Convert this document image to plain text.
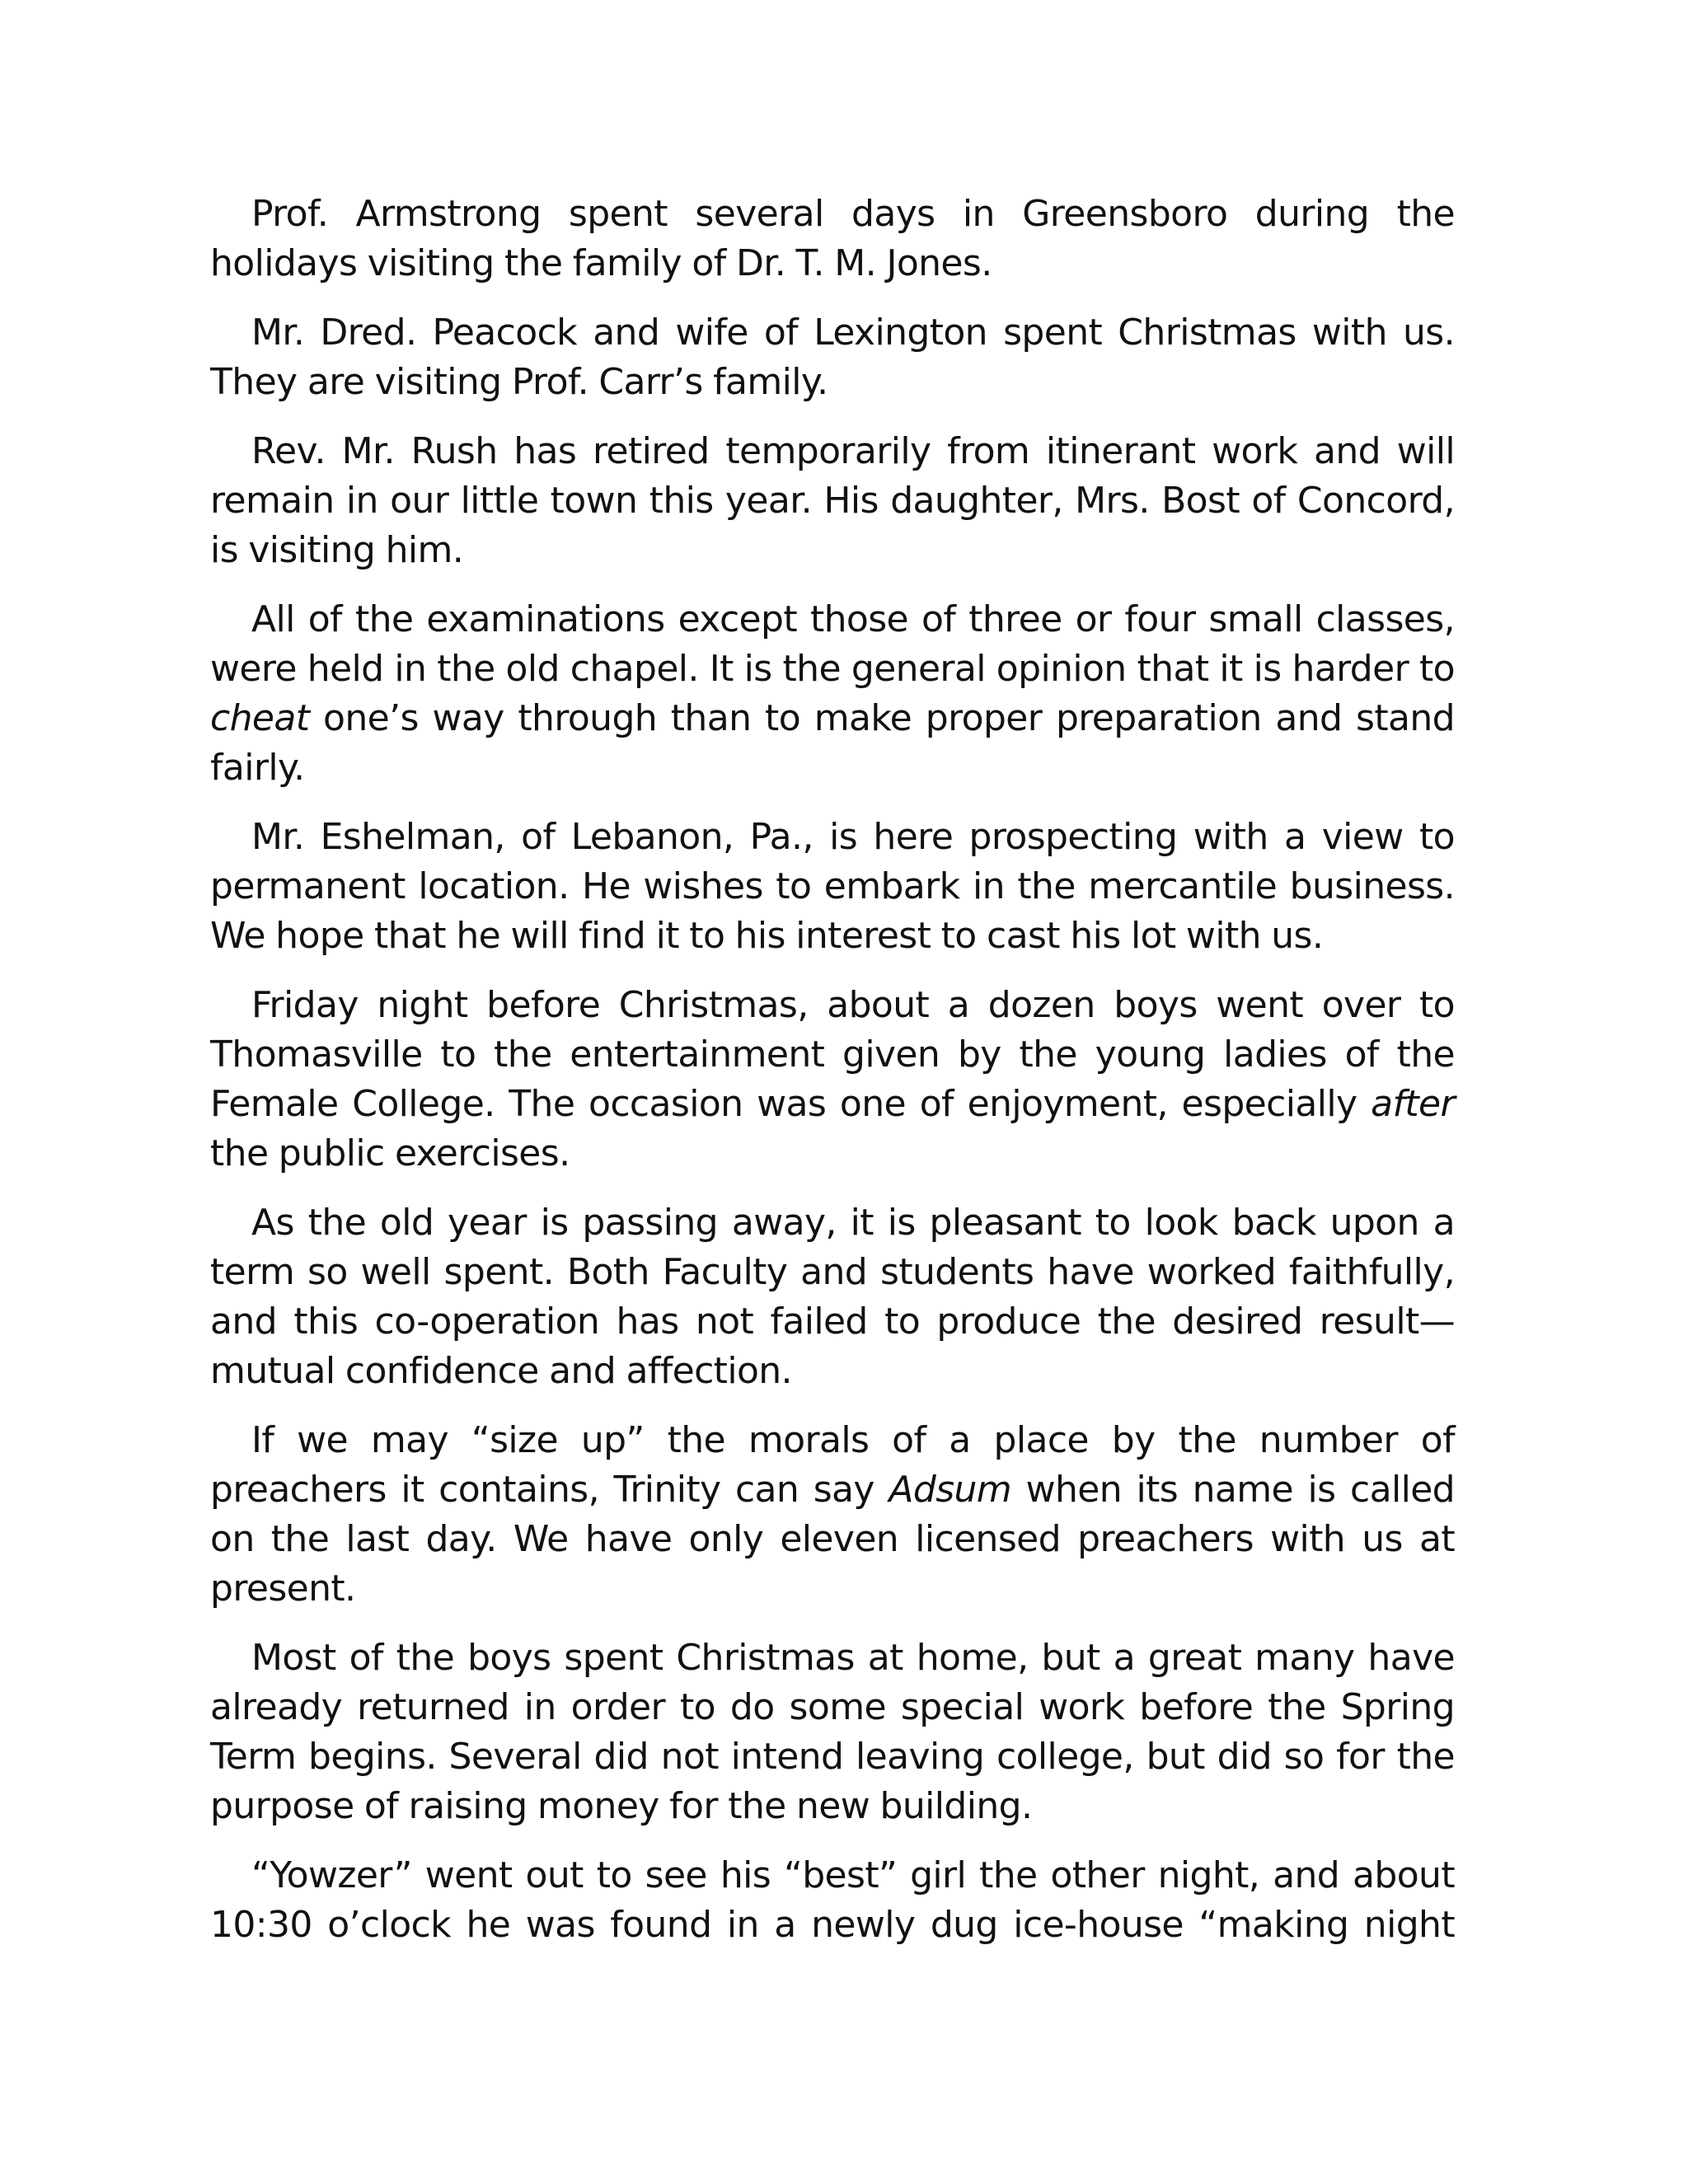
Prof. Armstrong spent several days in Greensboro during the holidays visiting the family of Dr. T. M. Jones.

Mr. Dred. Peacock and wife of Lexington spent Christmas with us. They are visiting Prof. Carr’s family.

Rev. Mr. Rush has retired temporarily from itinerant work and will remain in our little town this year. His daughter, Mrs. Bost of Concord, is visiting him.

All of the examinations except those of three or four small classes, were held in the old chapel. It is the general opinion that it is harder to cheat one’s way through than to make proper preparation and stand fairly.

Mr. Eshelman, of Lebanon, Pa., is here prospecting with a view to permanent location. He wishes to embark in the mercantile business. We hope that he will find it to his interest to cast his lot with us.

Friday night before Christmas, about a dozen boys went over to Thomasville to the entertainment given by the young ladies of the Female College. The occasion was one of enjoyment, especially after the public exercises.

As the old year is passing away, it is pleasant to look back upon a term so well spent. Both Faculty and students have worked faithfully, and this co-operation has not failed to produce the desired result—mutual confidence and affection.

If we may “size up” the morals of a place by the number of preachers it contains, Trinity can say Adsum when its name is called on the last day. We have only eleven licensed preachers with us at present.

Most of the boys spent Christmas at home, but a great many have already returned in order to do some special work before the Spring Term begins. Several did not intend leaving college, but did so for the purpose of raising money for the new building.

“Yowzer” went out to see his “best” girl the other night, and about 10:30 o’clock he was found in a newly dug ice-house “making night
